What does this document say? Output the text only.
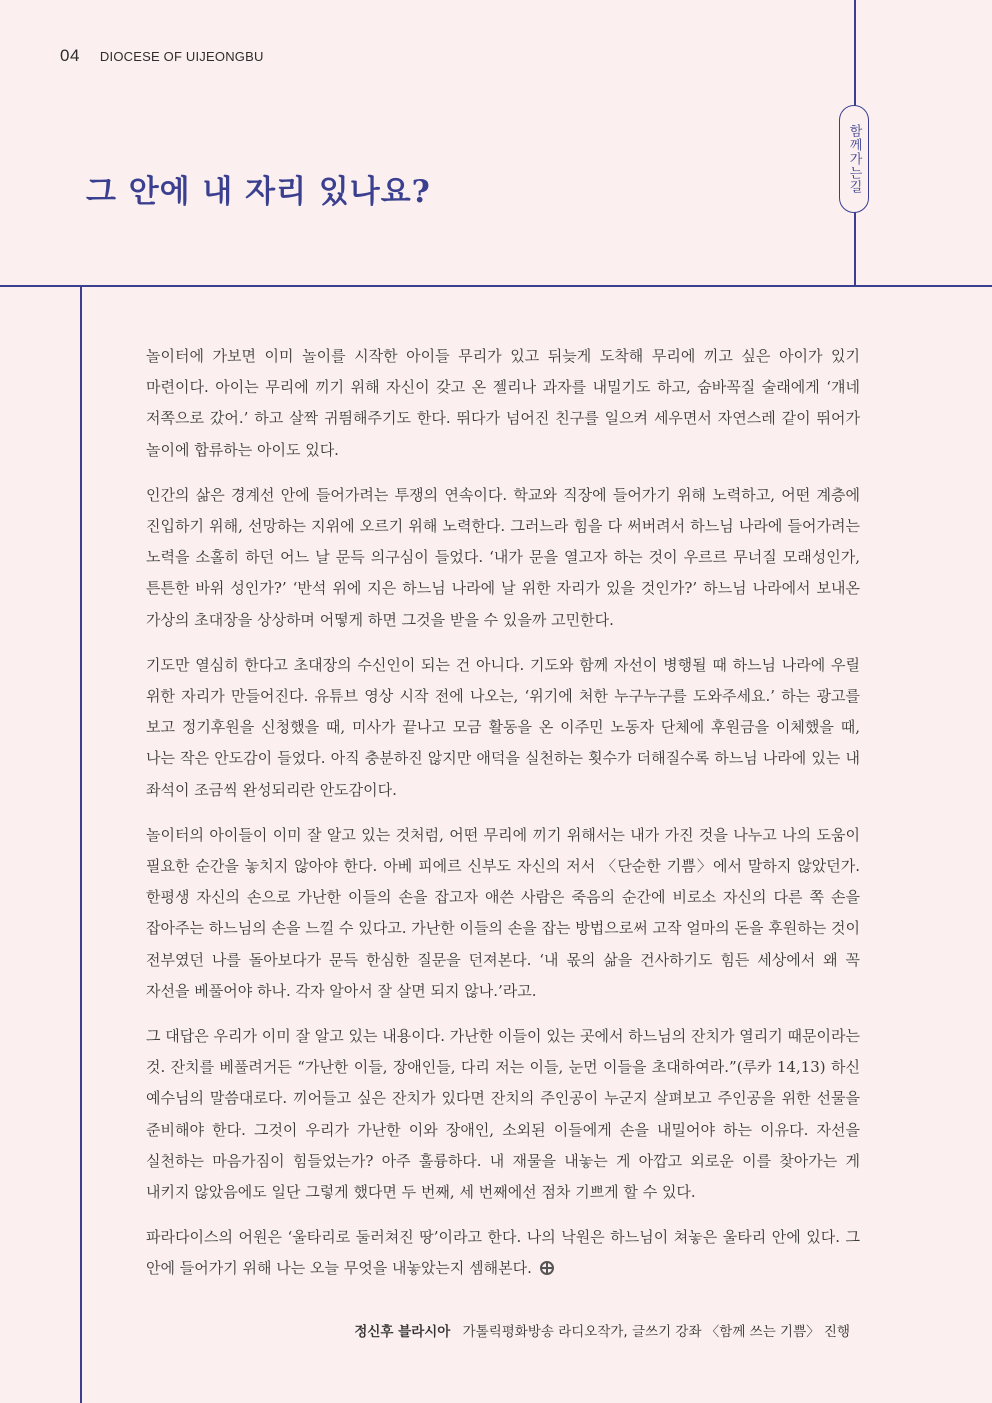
04 DIOCESE OF UIJEONGBU
함께가는길
그 안에 내 자리 있나요?

놀이터에 가보면 이미 놀이를 시작한 아이들 무리가 있고 뒤늦게 도착해 무리에 끼고 싶은 아이가 있기 마련이다. 아이는 무리에 끼기 위해 자신이 갖고 온 젤리나 과자를 내밀기도 하고, 숨바꼭질 술래에게 ‘걔네 저쪽으로 갔어.’ 하고 살짝 귀띔해주기도 한다. 뛰다가 넘어진 친구를 일으켜 세우면서 자연스레 같이 뛰어가 놀이에 합류하는 아이도 있다.

인간의 삶은 경계선 안에 들어가려는 투쟁의 연속이다. 학교와 직장에 들어가기 위해 노력하고, 어떤 계층에 진입하기 위해, 선망하는 지위에 오르기 위해 노력한다. 그러느라 힘을 다 써버려서 하느님 나라에 들어가려는 노력을 소홀히 하던 어느 날 문득 의구심이 들었다. ‘내가 문을 열고자 하는 것이 우르르 무너질 모래성인가, 튼튼한 바위 성인가?’ ‘반석 위에 지은 하느님 나라에 날 위한 자리가 있을 것인가?’ 하느님 나라에서 보내온 가상의 초대장을 상상하며 어떻게 하면 그것을 받을 수 있을까 고민한다.

기도만 열심히 한다고 초대장의 수신인이 되는 건 아니다. 기도와 함께 자선이 병행될 때 하느님 나라에 우릴 위한 자리가 만들어진다. 유튜브 영상 시작 전에 나오는, ‘위기에 처한 누구누구를 도와주세요.’ 하는 광고를 보고 정기후원을 신청했을 때, 미사가 끝나고 모금 활동을 온 이주민 노동자 단체에 후원금을 이체했을 때, 나는 작은 안도감이 들었다. 아직 충분하진 않지만 애덕을 실천하는 횟수가 더해질수록 하느님 나라에 있는 내 좌석이 조금씩 완성되리란 안도감이다.

놀이터의 아이들이 이미 잘 알고 있는 것처럼, 어떤 무리에 끼기 위해서는 내가 가진 것을 나누고 나의 도움이 필요한 순간을 놓치지 않아야 한다. 아베 피에르 신부도 자신의 저서 〈단순한 기쁨〉에서 말하지 않았던가. 한평생 자신의 손으로 가난한 이들의 손을 잡고자 애쓴 사람은 죽음의 순간에 비로소 자신의 다른 쪽 손을 잡아주는 하느님의 손을 느낄 수 있다고. 가난한 이들의 손을 잡는 방법으로써 고작 얼마의 돈을 후원하는 것이 전부였던 나를 돌아보다가 문득 한심한 질문을 던져본다. ‘내 몫의 삶을 건사하기도 힘든 세상에서 왜 꼭 자선을 베풀어야 하나. 각자 알아서 잘 살면 되지 않나.’라고.

그 대답은 우리가 이미 잘 알고 있는 내용이다. 가난한 이들이 있는 곳에서 하느님의 잔치가 열리기 때문이라는 것. 잔치를 베풀려거든 “가난한 이들, 장애인들, 다리 저는 이들, 눈먼 이들을 초대하여라.”(루카 14,13) 하신 예수님의 말씀대로다. 끼어들고 싶은 잔치가 있다면 잔치의 주인공이 누군지 살펴보고 주인공을 위한 선물을 준비해야 한다. 그것이 우리가 가난한 이와 장애인, 소외된 이들에게 손을 내밀어야 하는 이유다. 자선을 실천하는 마음가짐이 힘들었는가? 아주 훌륭하다. 내 재물을 내놓는 게 아깝고 외로운 이를 찾아가는 게 내키지 않았음에도 일단 그렇게 했다면 두 번째, 세 번째에선 점차 기쁘게 할 수 있다.

파라다이스의 어원은 ‘울타리로 둘러쳐진 땅’이라고 한다. 나의 낙원은 하느님이 쳐놓은 울타리 안에 있다. 그 안에 들어가기 위해 나는 오늘 무엇을 내놓았는지 셈해본다.

정신후 블라시아 가톨릭평화방송 라디오작가, 글쓰기 강좌 〈함께 쓰는 기쁨〉 진행
